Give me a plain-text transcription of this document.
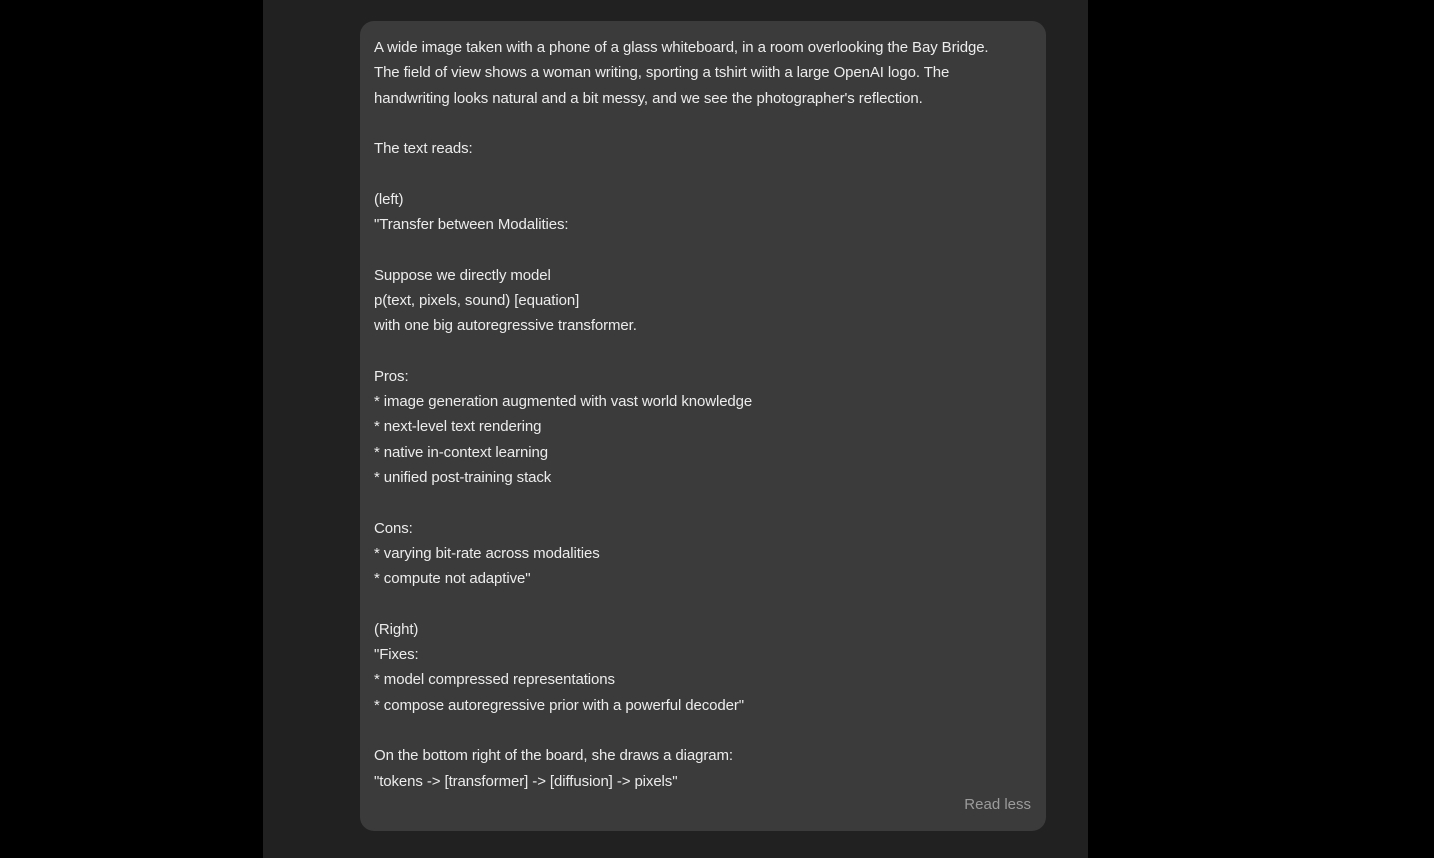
A wide image taken with a phone of a glass whiteboard, in a room overlooking the Bay Bridge.
The field of view shows a woman writing, sporting a tshirt wiith a large OpenAI logo. The
handwriting looks natural and a bit messy, and we see the photographer's reflection.
The text reads:
(left)
"Transfer between Modalities:
Suppose we directly model
p(text, pixels, sound) [equation]
with one big autoregressive transformer.
Pros:
* image generation augmented with vast world knowledge
* next-level text rendering
* native in-context learning
* unified post-training stack
Cons:
* varying bit-rate across modalities
* compute not adaptive"
(Right)
"Fixes:
* model compressed representations
* compose autoregressive prior with a powerful decoder"
On the bottom right of the board, she draws a diagram:
"tokens -> [transformer] -> [diffusion] -> pixels"
Read less
